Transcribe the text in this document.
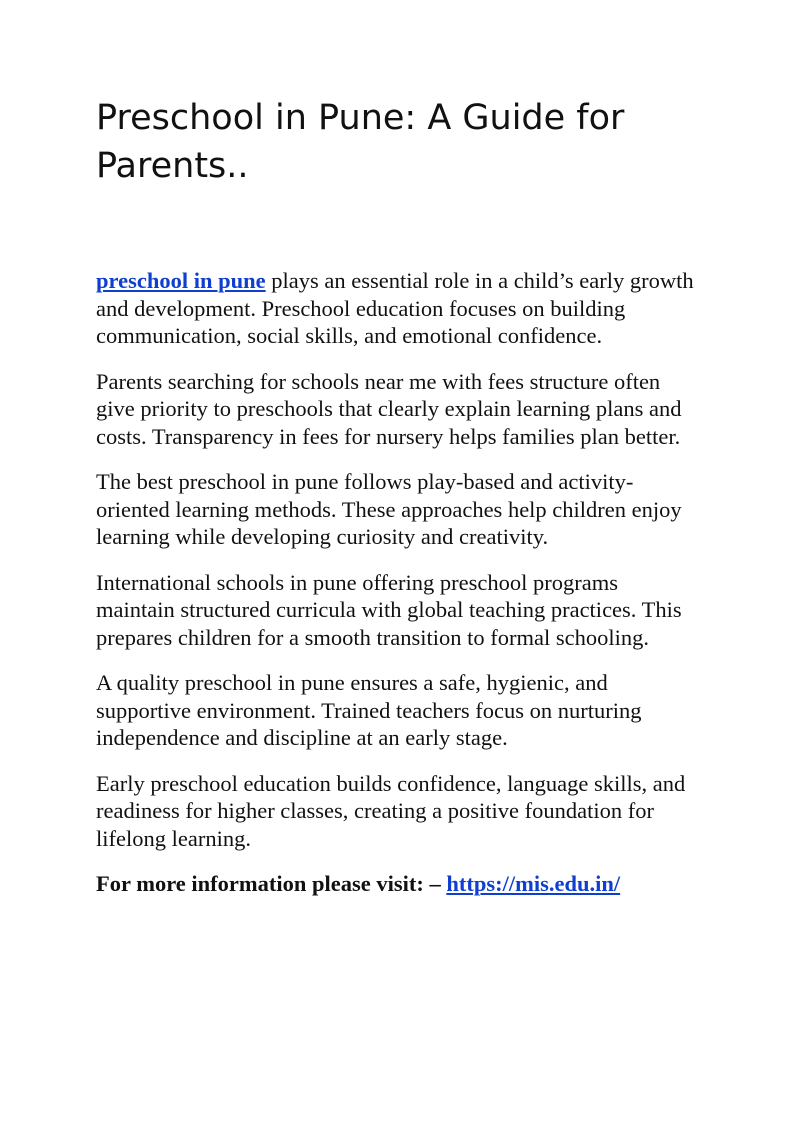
Preschool in Pune: A Guide for Parents..

preschool in pune plays an essential role in a child’s early growth and development. Preschool education focuses on building communication, social skills, and emotional confidence.

Parents searching for schools near me with fees structure often give priority to preschools that clearly explain learning plans and costs. Transparency in fees for nursery helps families plan better.

The best preschool in pune follows play-based and activity-oriented learning methods. These approaches help children enjoy learning while developing curiosity and creativity.

International schools in pune offering preschool programs maintain structured curricula with global teaching practices. This prepares children for a smooth transition to formal schooling.

A quality preschool in pune ensures a safe, hygienic, and supportive environment. Trained teachers focus on nurturing independence and discipline at an early stage.

Early preschool education builds confidence, language skills, and readiness for higher classes, creating a positive foundation for lifelong learning.

For more information please visit: – https://mis.edu.in/
